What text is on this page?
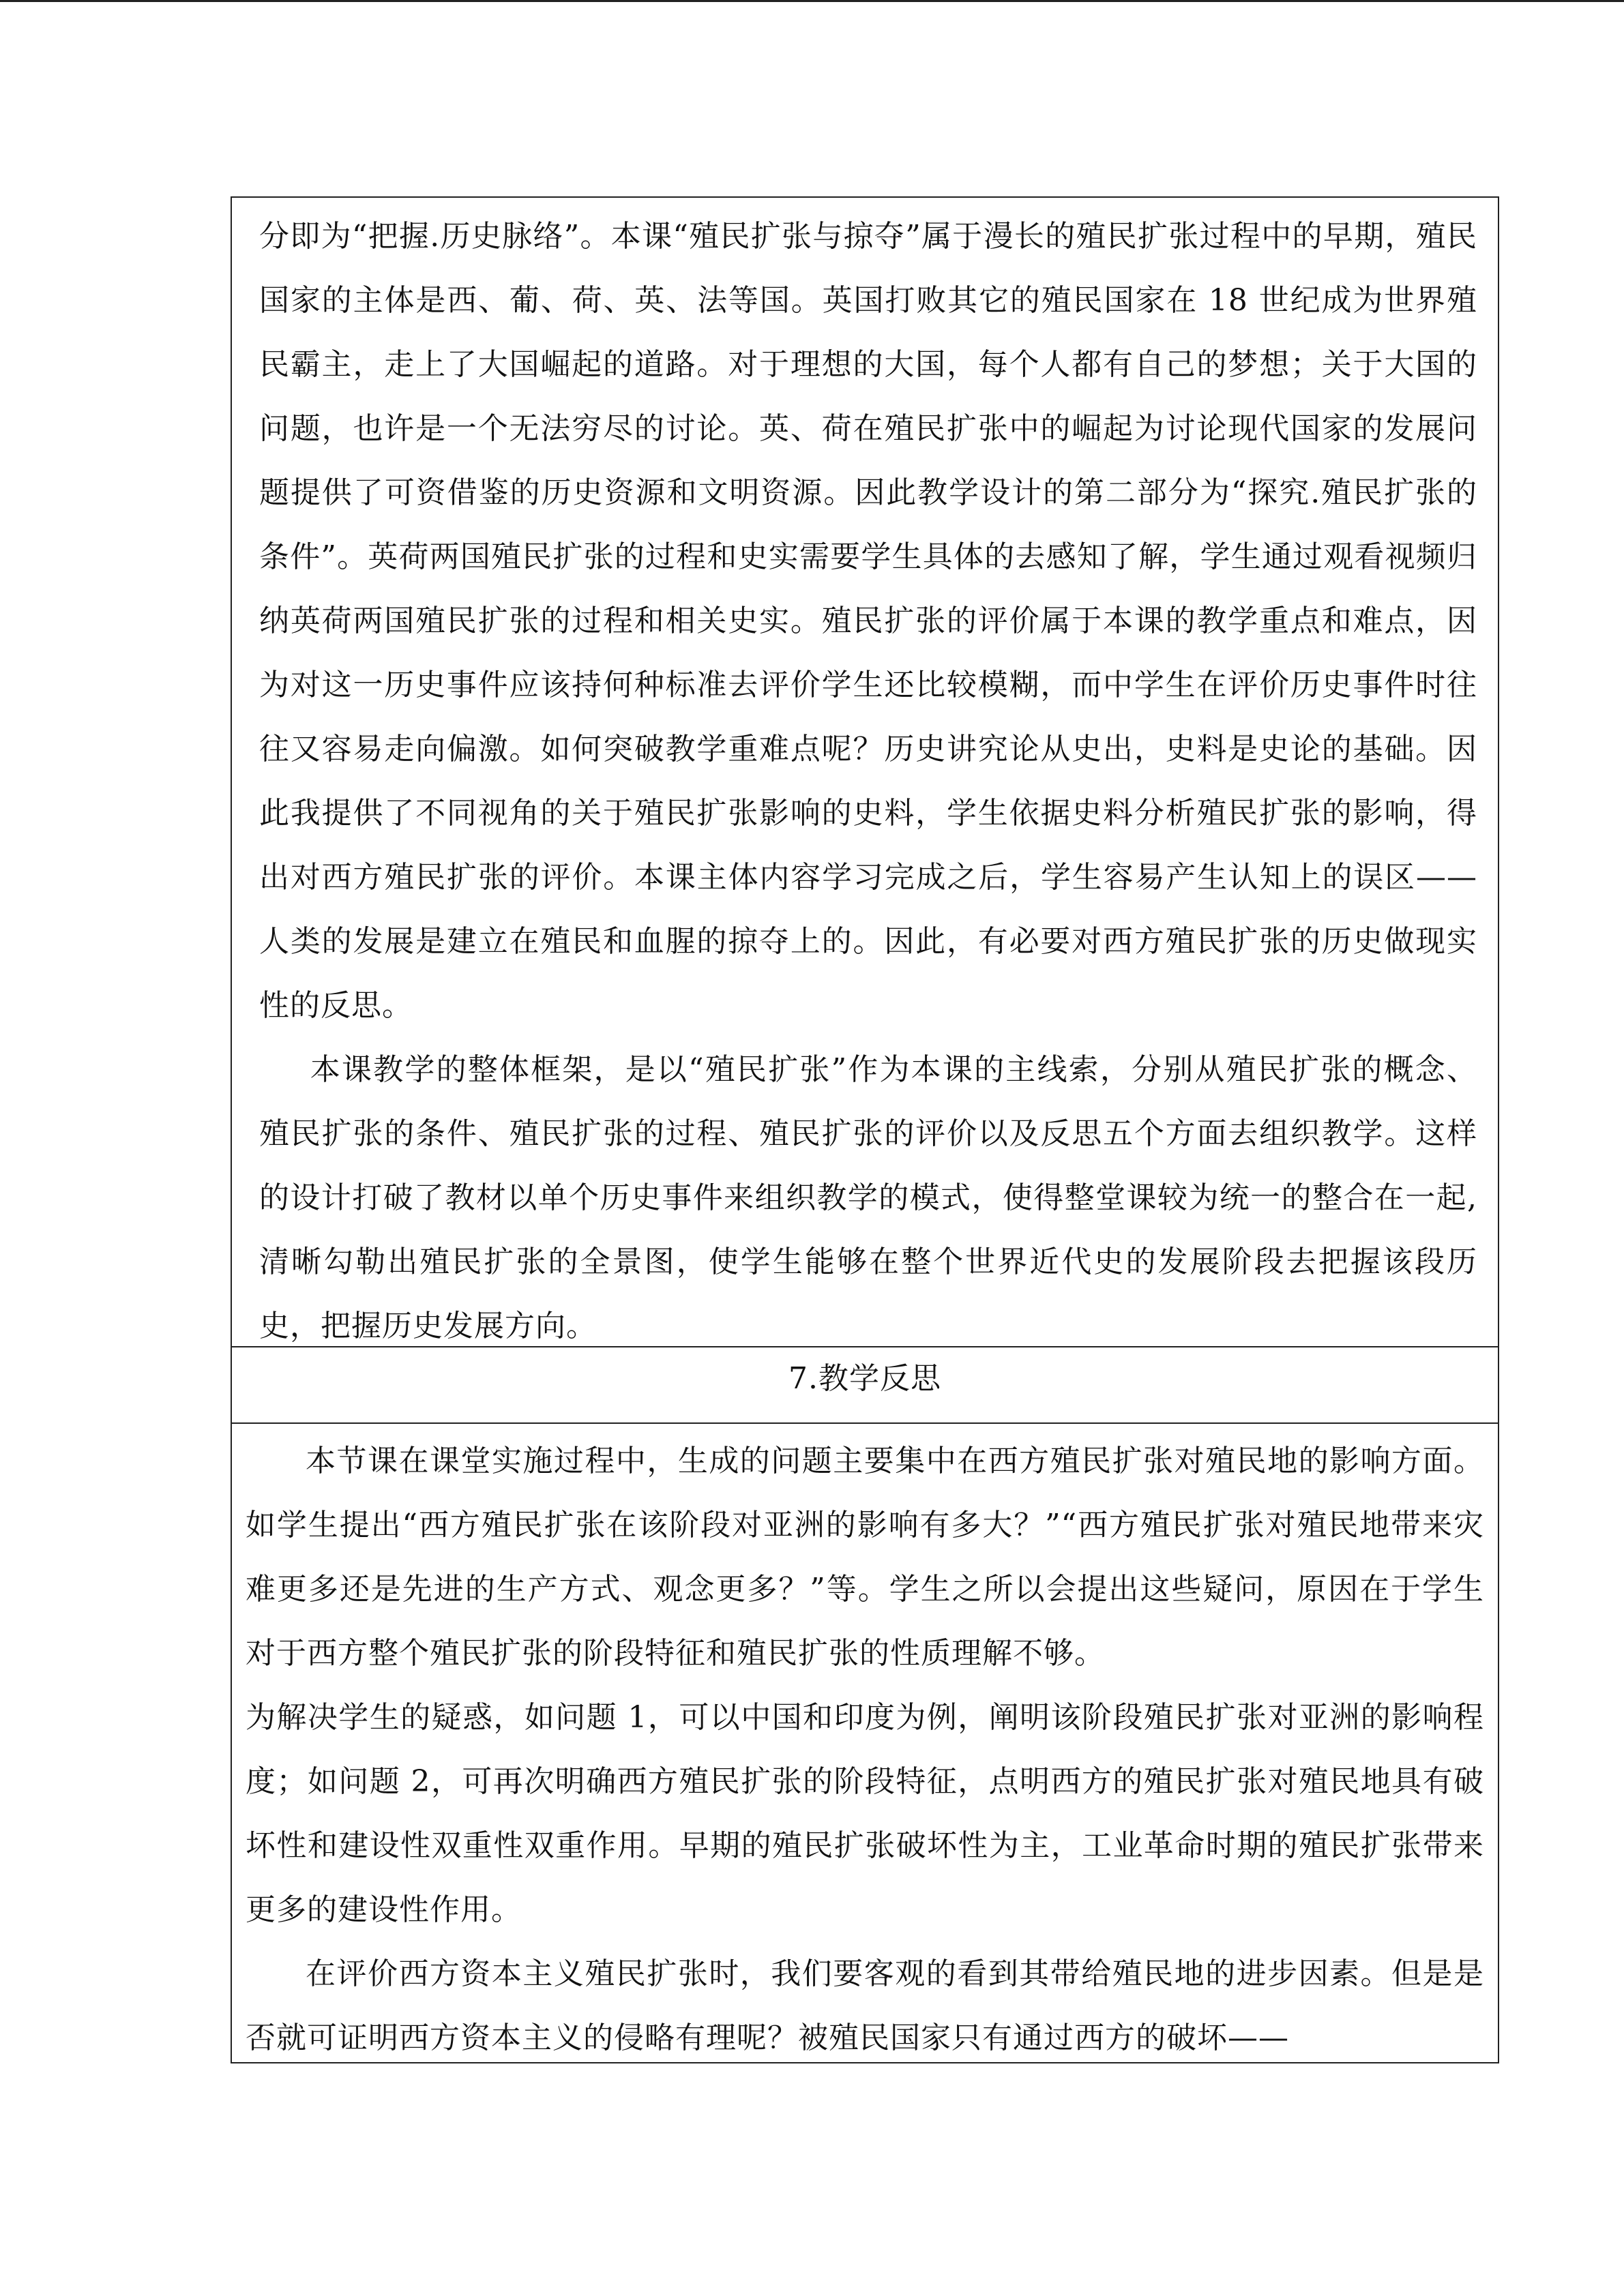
分即为“把握.历史脉络”。本课“殖民扩张与掠夺”属于漫长的殖民扩张过程中的早期，殖民国家的主体是西、葡、荷、英、法等国。英国打败其它的殖民国家在 18 世纪成为世界殖民霸主，走上了大国崛起的道路。对于理想的大国，每个人都有自己的梦想；关于大国的问题，也许是一个无法穷尽的讨论。英、荷在殖民扩张中的崛起为讨论现代国家的发展问题提供了可资借鉴的历史资源和文明资源。因此教学设计的第二部分为“探究.殖民扩张的条件”。英荷两国殖民扩张的过程和史实需要学生具体的去感知了解，学生通过观看视频归纳英荷两国殖民扩张的过程和相关史实。殖民扩张的评价属于本课的教学重点和难点，因为对这一历史事件应该持何种标准去评价学生还比较模糊，而中学生在评价历史事件时往往又容易走向偏激。如何突破教学重难点呢？历史讲究论从史出，史料是史论的基础。因此我提供了不同视角的关于殖民扩张影响的史料，学生依据史料分析殖民扩张的影响，得出对西方殖民扩张的评价。本课主体内容学习完成之后，学生容易产生认知上的误区——人类的发展是建立在殖民和血腥的掠夺上的。因此，有必要对西方殖民扩张的历史做现实性的反思。

本课教学的整体框架，是以“殖民扩张”作为本课的主线索，分别从殖民扩张的概念、殖民扩张的条件、殖民扩张的过程、殖民扩张的评价以及反思五个方面去组织教学。这样的设计打破了教材以单个历史事件来组织教学的模式，使得整堂课较为统一的整合在一起,清晰勾勒出殖民扩张的全景图，使学生能够在整个世界近代史的发展阶段去把握该段历史，把握历史发展方向。

7.教学反思

本节课在课堂实施过程中，生成的问题主要集中在西方殖民扩张对殖民地的影响方面。如学生提出“西方殖民扩张在该阶段对亚洲的影响有多大？”“西方殖民扩张对殖民地带来灾难更多还是先进的生产方式、观念更多？”等。学生之所以会提出这些疑问，原因在于学生对于西方整个殖民扩张的阶段特征和殖民扩张的性质理解不够。

为解决学生的疑惑，如问题 1，可以中国和印度为例，阐明该阶段殖民扩张对亚洲的影响程度；如问题 2，可再次明确西方殖民扩张的阶段特征，点明西方的殖民扩张对殖民地具有破坏性和建设性双重性双重作用。早期的殖民扩张破坏性为主，工业革命时期的殖民扩张带来更多的建设性作用。

在评价西方资本主义殖民扩张时，我们要客观的看到其带给殖民地的进步因素。但是是否就可证明西方资本主义的侵略有理呢？被殖民国家只有通过西方的破坏——
